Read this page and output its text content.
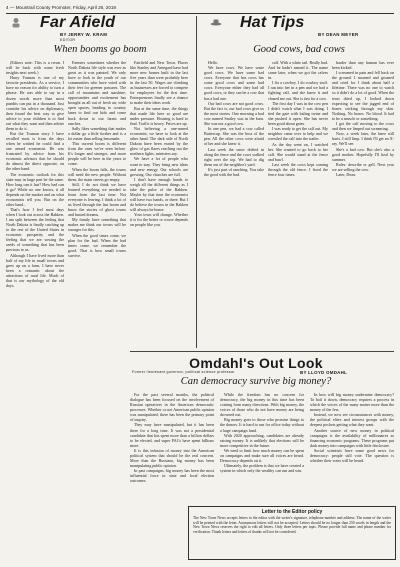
4 — Mountrail County Promoter, Friday, April 26, 2019
Far Afield
BY JERRY W. KRAM
When booms go boom

(Editors note: This is a rerun. I will be back with some fresh insights next week.)

Harry Truman is one of my favorite presidents. As a service, I have no reason for ability to turn a phrase. He was able to say in a dozen words more than most pundits can put in a thousand. Just consider his advice on diplomacy, then found the best way to give advice to your children is to find out what they want and then advise them to do it.

But the Truman story I have recalled most is from the days when he wished he could find a one armed economist. He was frustrated by advice from his economic advisors that he should do almost the direct opposite, on the other hand.

The economic outlook for this state may in large part be the same. How long can it last? How bad can it go? While no one knows, it all depends on the market and on what economists tell you. But on the other hand...

That's how I feel most days when I look out across the Bakken. I am split between the feeling that North Dakota is finally catching up to the rest of the United States in economic prosperity and the feeling that we are sowing the seeds of something that has been precious to us.

Although I have lived more than half of my life in small towns and grew up on a farm, I have never been a romantic about the attractions of rural life. Much of that is our mythology of the old days.

Farmers sometimes whether the North Dakota life style was ever as great as it was painted. We only have to look to the youth of our communities who have voted with their feet for greener pastures. The call of mountains and sunshine, opportunities and excitement has brought us all out of fresh air, wide open spaces, heading to country lanes to find our kids and come back down to our farms and ranches.

Sally likes something that makes a dollar go a little further and is a lot easier than selling lemonade.

This current boom is different from the ones we've seen before. It's longer and stronger, and more people will be here in the years to come.

When the boom falls, the towns will need the new people. Without them, the main streets go empty.

Still, I do not think we have learned everything we needed to learn from the last time. Not everyone is leaving. I think a lot of us lived through the last boom and know the stories of ghost towns and busted dreams.

My family have something that makes me think our towns will be stronger for this.

When the good times come, we plan for the bad. When the bad times come, we remember the good. That is how small towns survive.

Fairfield and New Town. Places like Stanley and Arnegard have had more new homes built in the last five years than were probably here in the last 50. Wages are climbing as businesses are forced to compete for employees for the first time. Entrepreneurs finally see a chance to make their ideas work.

But at the same time, the things that made life here so good are under pressure. Housing is hard to find. Traffic is heavy. Prices are up.

Not believing a one-armed economist, we have to look at the other hand. The dark side of North Dakota have been erased by the glow of gas flares reaching out the northern lights, ministers say.

We have a lot of people who want to stay. They bring new ideas and new energy. Our schools are growing. Our churches are full.

I don't have enough hands to weigh all the different things as I take the pulse of the Bakken. Maybe by that time the economist will have two hands, or three. But I do believe the towns in the Bakken will always be home.

Your town will change. Whether it is for the better or worse depends on people like you.

Hat Tips
BY DEAN MEYER
Good cows, bad cows

Hello.

We have cows. We have some good cows. We have some bad cows. Everyone that has cows has some good cows and some bad cows. Everyone either they had all good cows, or they can be a cow that has a bad one.

Our bad cows are not good cows. But the fact is, our bad cows give us the most stories. One morning a bad cow named Smiley was in the barn. She was not a good cow.

In one pen, we had a cow called Buttercup. She was the boss of the pen. All the other cows were afraid of her and she knew it.

Last week the snow drifted in along the fence and the cows walked right over the top. We had to dig them out of the neighbor's yard.

It's just part of ranching. You take the good with the bad.

calf. With a white tail. Really bad. And he hadn't named it. The name came later, when we got the calves in.

I fix a cowboy. I do cowboy stuff. I ran into her in a pen and we had a fighting calf, and she knew it and chased me out. She is fast for a cow.

The first day I was in the cow pen I didn't watch what I was doing. I tied the gate with baling twine and she pushed it open. She has never been good about gates.

I was ready to get the calf out. My neighbor came over to help and we wrestled the calf into the trailer.

As the day went on, I watched her. She wanted to go back to her calf. She would stand at the fence and bawl.

Last week the cows kept coming through the old fence. I fixed the fence four times.

harder than any human has ever been kicked.

I screamed in pain and fell back on the ground. I moaned and groaned and cried for I think about half a lifetime. There was no one to watch so it didn't do a lot of good. When the tears dried up, I looked down expecting to see the jagged end of bones sticking through my skin. Nothing. No bones. No blood. It had to be a muscle or something.

I got the calf moving to the cows and then we limped out screaming.

Now, a week later, the knee still hurts. I still limp. I think I'll get an X-ray. We'll see.

She's a bad cow. But she's also a good mother. Hopefully I'll heal by summer.

Rules: describe or gell. Next year we are selling the cow.

Later, Dean.

Omdahl's Out Look
BY LLOYD OMDAHL
Can democracy survive big money?

For the past several months, the political dialogue has been focused on the involvement of Russian operatives in the American democratic processes. Whether or not American public opinion was manipulated, there has been the primary point of inquiry.

They may have manipulated, but it has been there for a long time. It was not a presidential candidate that has spent more than a billion dollars to be elected, and super PACs have spent billions more.

It is this infusion of money into the American political system that should be the real concern. More than the Russians, big money has been manipulating public opinion.

In past campaigns, big money has been the most influential force in state and local election outcomes.

While the freedom has no concern for democracy, the big money in this time has been coming from many directions. With big money, the voices of those who do not have money are being drowned out.

Big money goes to those who promise things to the donors. It is hard to run for office today without a large campaign fund.

With 2020 approaching, candidates are already raising money. It is unlikely that elections will be more competitive in the future.

We need to limit how much money can be spent on campaigns and make sure all voices are heard. Democracy depends on it.

Ultimately, the problem is that we have created a system in which only the wealthy can run and win.

In how will big money undermine democracy? To boil it down, democracy requires a process in which the voices of the many matter more than the money of the few.

Instead, we now see circumstances with money, the political elites and interest groups with the deepest pockets getting what they want.

Another source of new money in political campaigns is the availability of millionaires as financing economic programs. These programs put dark money into campaigns with little disclosure.

Social scientists have some good news for democracy: people still vote. The question is whether their votes will be heard.

Letter to the Editor policy
The New Town News accepts letters to the editor with the writer's signature, telephone number and address. The name of the writer will be printed with the letter. Anonymous letters will not be accepted. Letters should be no longer than 250 words in length and the New Town News reserves the right to edit all letters. Only three letters per topic. Please provide full name and phone number for verification. Thank letters and letters of thanks will not be considered.
EDITOR
Former lieutenant governor, political science professor
